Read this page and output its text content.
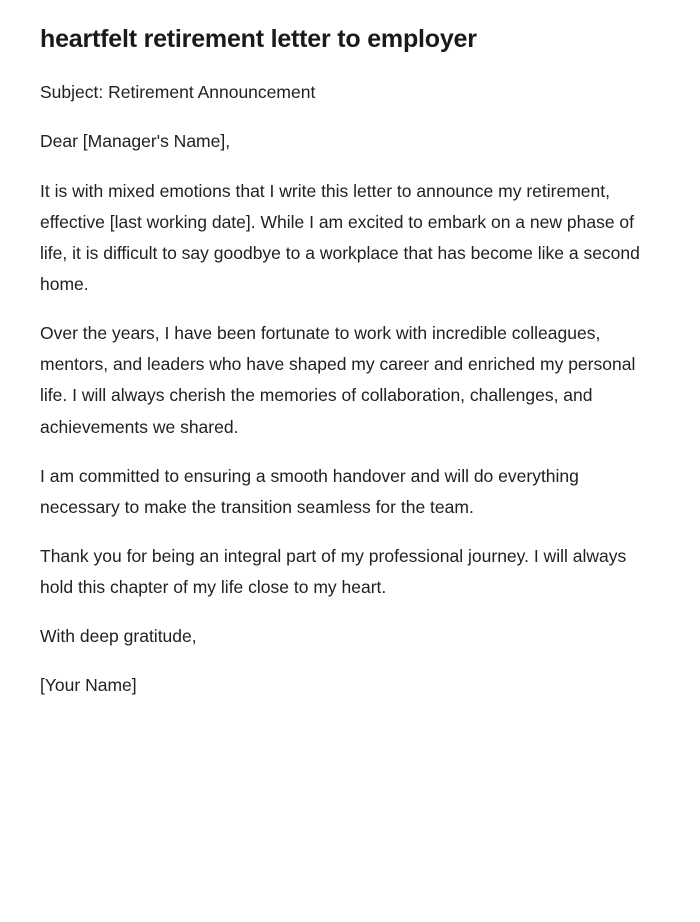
heartfelt retirement letter to employer

Subject: Retirement Announcement

Dear [Manager's Name],

It is with mixed emotions that I write this letter to announce my retirement, effective [last working date]. While I am excited to embark on a new phase of life, it is difficult to say goodbye to a workplace that has become like a second home.

Over the years, I have been fortunate to work with incredible colleagues, mentors, and leaders who have shaped my career and enriched my personal life. I will always cherish the memories of collaboration, challenges, and achievements we shared.

I am committed to ensuring a smooth handover and will do everything necessary to make the transition seamless for the team.

Thank you for being an integral part of my professional journey. I will always hold this chapter of my life close to my heart.

With deep gratitude,

[Your Name]
